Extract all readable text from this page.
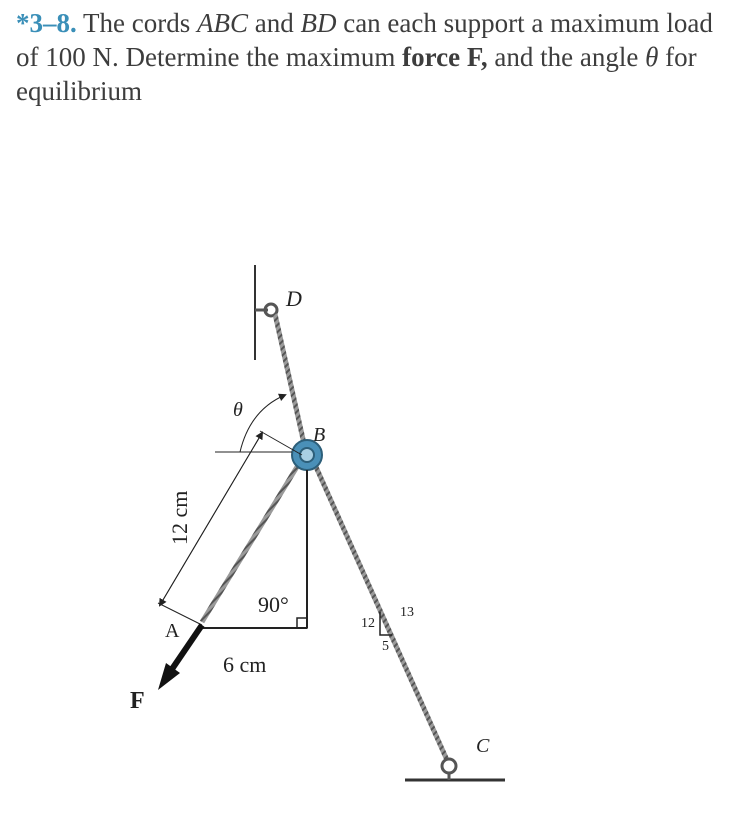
*3–8. The cords ABC and BD can each support a maximum load of 100 N. Determine the maximum force F, and the angle θ for equilibrium
D
B
A
C
F
θ
12 cm
6 cm
90°
12
13
5
